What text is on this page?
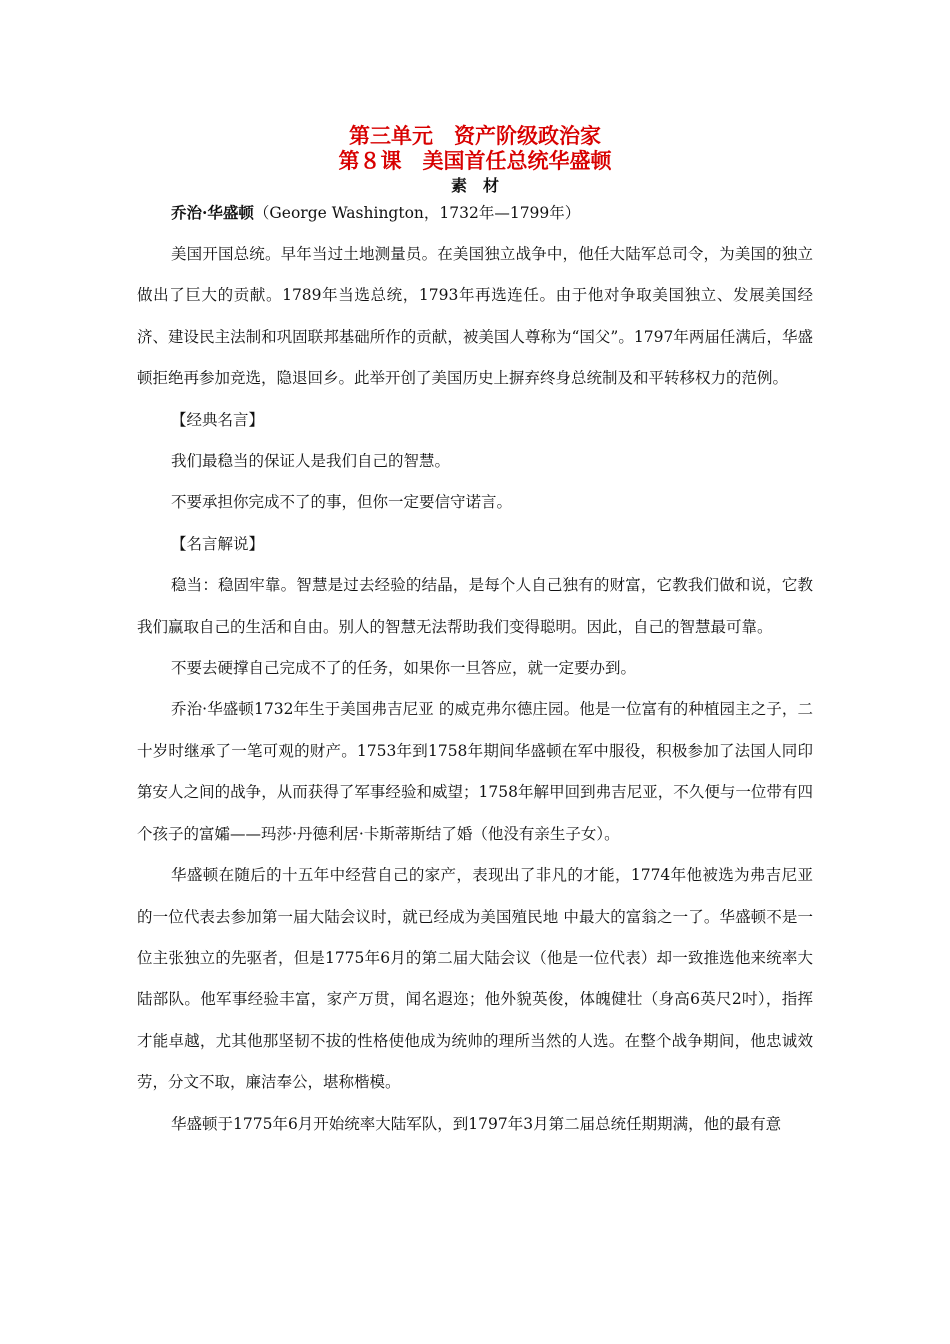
第三单元　资产阶级政治家
第８课　美国首任总统华盛顿
素　材

乔治·华盛顿（George Washington，1732年—1799年）

美国开国总统。早年当过土地测量员。在美国独立战争中，他任大陆军总司令，为美国的独立做出了巨大的贡献。1789年当选总统，1793年再选连任。由于他对争取美国独立、发展美国经济、建设民主法制和巩固联邦基础所作的贡献，被美国人尊称为“国父”。1797年两届任满后，华盛顿拒绝再参加竞选，隐退回乡。此举开创了美国历史上摒弃终身总统制及和平转移权力的范例。

【经典名言】

我们最稳当的保证人是我们自己的智慧。

不要承担你完成不了的事，但你一定要信守诺言。

【名言解说】

稳当：稳固牢靠。智慧是过去经验的结晶，是每个人自己独有的财富，它教我们做和说，它教我们赢取自己的生活和自由。别人的智慧无法帮助我们变得聪明。因此，自己的智慧最可靠。

不要去硬撑自己完成不了的任务，如果你一旦答应，就一定要办到。

乔治·华盛顿1732年生于美国弗吉尼亚 的威克弗尔德庄园。他是一位富有的种植园主之子，二十岁时继承了一笔可观的财产。1753年到1758年期间华盛顿在军中服役，积极参加了法国人同印第安人之间的战争，从而获得了军事经验和威望；1758年解甲回到弗吉尼亚，不久便与一位带有四个孩子的富孀——玛莎·丹德利居·卡斯蒂斯结了婚（他没有亲生子女）。

华盛顿在随后的十五年中经营自己的家产，表现出了非凡的才能，1774年他被选为弗吉尼亚的一位代表去参加第一届大陆会议时，就已经成为美国殖民地 中最大的富翁之一了。华盛顿不是一位主张独立的先驱者，但是1775年6月的第二届大陆会议（他是一位代表）却一致推选他来统率大陆部队。他军事经验丰富，家产万贯，闻名遐迩；他外貌英俊，体魄健壮（身高6英尺2吋），指挥才能卓越，尤其他那坚韧不拔的性格使他成为统帅的理所当然的人选。在整个战争期间，他忠诚效劳，分文不取，廉洁奉公，堪称楷模。

华盛顿于1775年6月开始统率大陆军队，到1797年3月第二届总统任期期满，他的最有意
